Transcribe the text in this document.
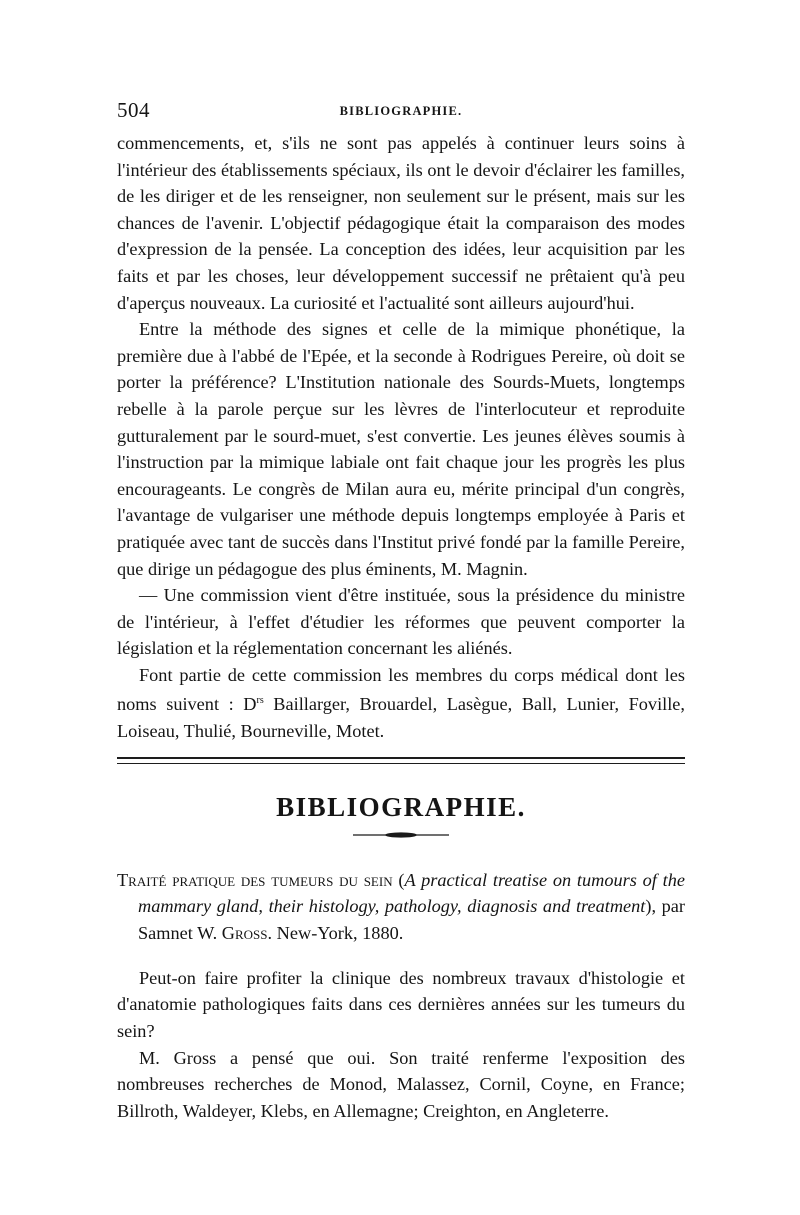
504	BIBLIOGRAPHIE.

commencements, et, s'ils ne sont pas appelés à continuer leurs soins à l'intérieur des établissements spéciaux, ils ont le devoir d'éclairer les familles, de les diriger et de les renseigner, non seulement sur le présent, mais sur les chances de l'avenir. L'objectif pédagogique était la comparaison des modes d'expression de la pensée. La conception des idées, leur acquisition par les faits et par les choses, leur développement successif ne prêtaient qu'à peu d'aperçus nouveaux. La curiosité et l'actualité sont ailleurs aujourd'hui.

Entre la méthode des signes et celle de la mimique phonétique, la première due à l'abbé de l'Epée, et la seconde à Rodrigues Pereire, où doit se porter la préférence? L'Institution nationale des Sourds-Muets, longtemps rebelle à la parole perçue sur les lèvres de l'interlocuteur et reproduite gutturalement par le sourd-muet, s'est convertie. Les jeunes élèves soumis à l'instruction par la mimique labiale ont fait chaque jour les progrès les plus encourageants. Le congrès de Milan aura eu, mérite principal d'un congrès, l'avantage de vulgariser une méthode depuis longtemps employée à Paris et pratiquée avec tant de succès dans l'Institut privé fondé par la famille Pereire, que dirige un pédagogue des plus éminents, M. Magnin.

— Une commission vient d'être instituée, sous la présidence du ministre de l'intérieur, à l'effet d'étudier les réformes que peuvent comporter la législation et la réglementation concernant les aliénés.

Font partie de cette commission les membres du corps médical dont les noms suivent : $D^{rs}$ Baillarger, Brouardel, Lasègue, Ball, Lunier, Foville, Loiseau, Thulié, Bourneville, Motet.

BIBLIOGRAPHIE.

Traité pratique des tumeurs du sein (A practical treatise on tumours of the mammary gland, their histology, pathology, diagnosis and treatment), par Samnet W. Gross. New-York, 1880.

Peut-on faire profiter la clinique des nombreux travaux d'histologie et d'anatomie pathologiques faits dans ces dernières années sur les tumeurs du sein?

M. Gross a pensé que oui. Son traité renferme l'exposition des nombreuses recherches de Monod, Malassez, Cornil, Coyne, en France; Billroth, Waldeyer, Klebs, en Allemagne; Creighton, en Angleterre.
